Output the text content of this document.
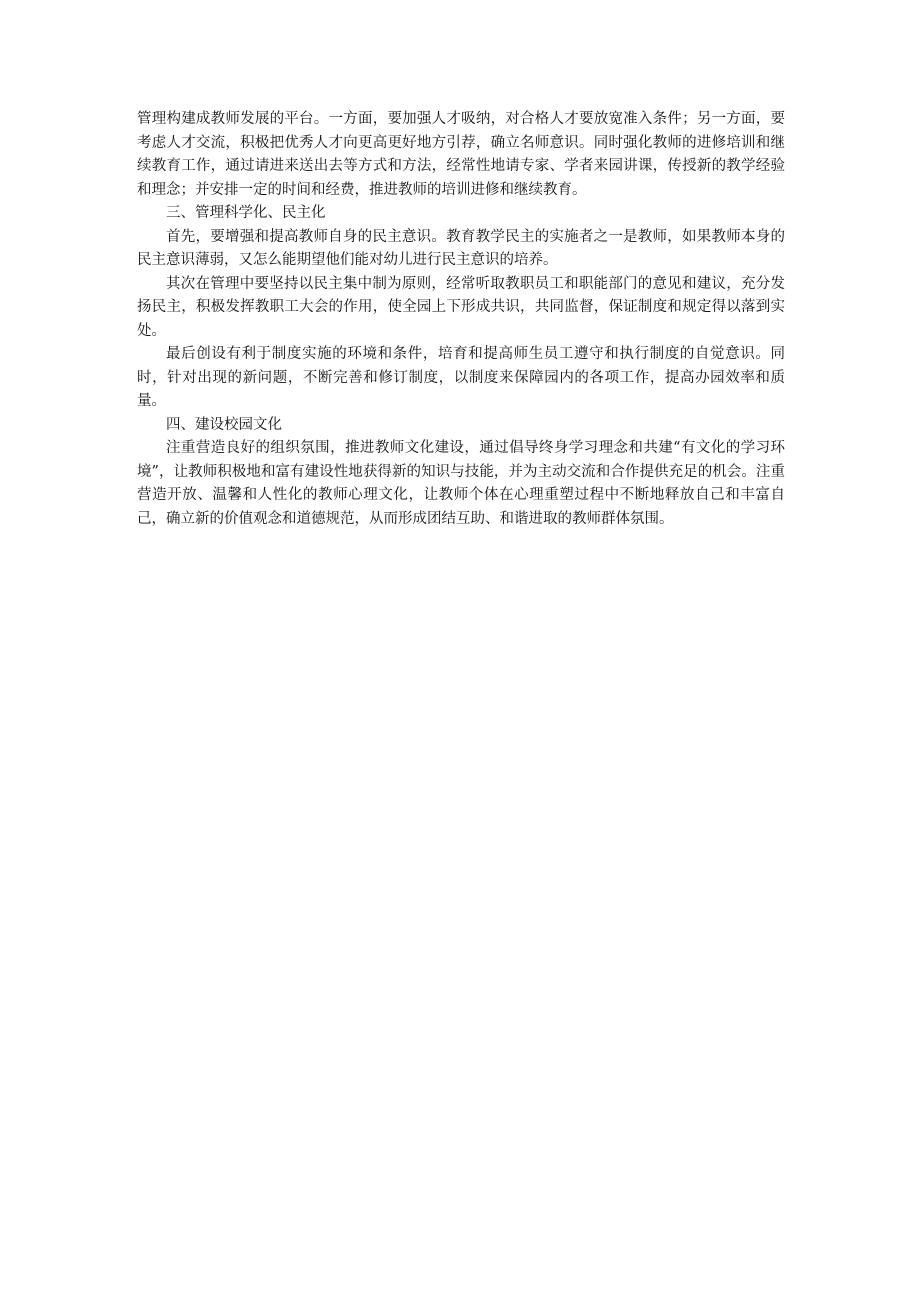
管理构建成教师发展的平台。一方面，要加强人才吸纳，对合格人才要放宽准入条件；另一方面，要考虑人才交流，积极把优秀人才向更高更好地方引荐，确立名师意识。同时强化教师的进修培训和继续教育工作，通过请进来送出去等方式和方法，经常性地请专家、学者来园讲课，传授新的教学经验和理念；并安排一定的时间和经费，推进教师的培训进修和继续教育。

三、管理科学化、民主化

首先，要增强和提高教师自身的民主意识。教育教学民主的实施者之一是教师，如果教师本身的民主意识薄弱，又怎么能期望他们能对幼儿进行民主意识的培养。

其次在管理中要坚持以民主集中制为原则，经常听取教职员工和职能部门的意见和建议，充分发扬民主，积极发挥教职工大会的作用，使全园上下形成共识，共同监督，保证制度和规定得以落到实处。

最后创设有利于制度实施的环境和条件，培育和提高师生员工遵守和执行制度的自觉意识。同时，针对出现的新问题，不断完善和修订制度，以制度来保障园内的各项工作，提高办园效率和质量。

四、建设校园文化

注重营造良好的组织氛围，推进教师文化建设，通过倡导终身学习理念和共建“有文化的学习环境”，让教师积极地和富有建设性地获得新的知识与技能，并为主动交流和合作提供充足的机会。注重营造开放、温馨和人性化的教师心理文化，让教师个体在心理重塑过程中不断地释放自己和丰富自己，确立新的价值观念和道德规范，从而形成团结互助、和谐进取的教师群体氛围。
